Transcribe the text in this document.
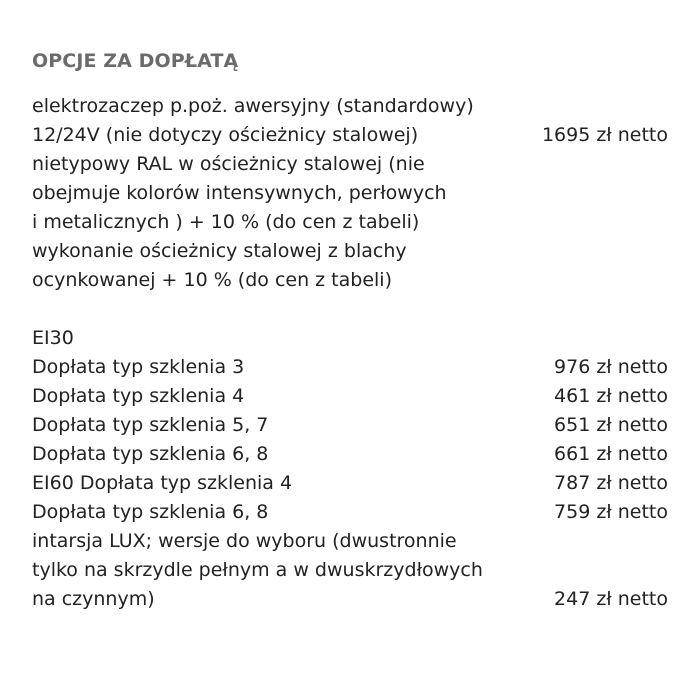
OPCJE ZA DOPŁATĄ
elektrozaczep p.poż. awersyjny (standardowy)
12/24V (nie dotyczy ościeżnicy stalowej)	1695 zł netto
nietypowy RAL w ościeżnicy stalowej (nie
obejmuje kolorów intensywnych, perłowych
i metalicznych ) + 10 % (do cen z tabeli)
wykonanie ościeżnicy stalowej z blachy
ocynkowanej + 10 % (do cen z tabeli)
EI30
Dopłata typ szklenia 3	976 zł netto
Dopłata typ szklenia 4	461 zł netto
Dopłata typ szklenia 5, 7	651 zł netto
Dopłata typ szklenia 6, 8	661 zł netto
EI60 Dopłata typ szklenia 4	787 zł netto
Dopłata typ szklenia 6, 8	759 zł netto
intarsja LUX; wersje do wyboru (dwustronnie
tylko na skrzydle pełnym a w dwuskrzydłowych
na czynnym)	247 zł netto
